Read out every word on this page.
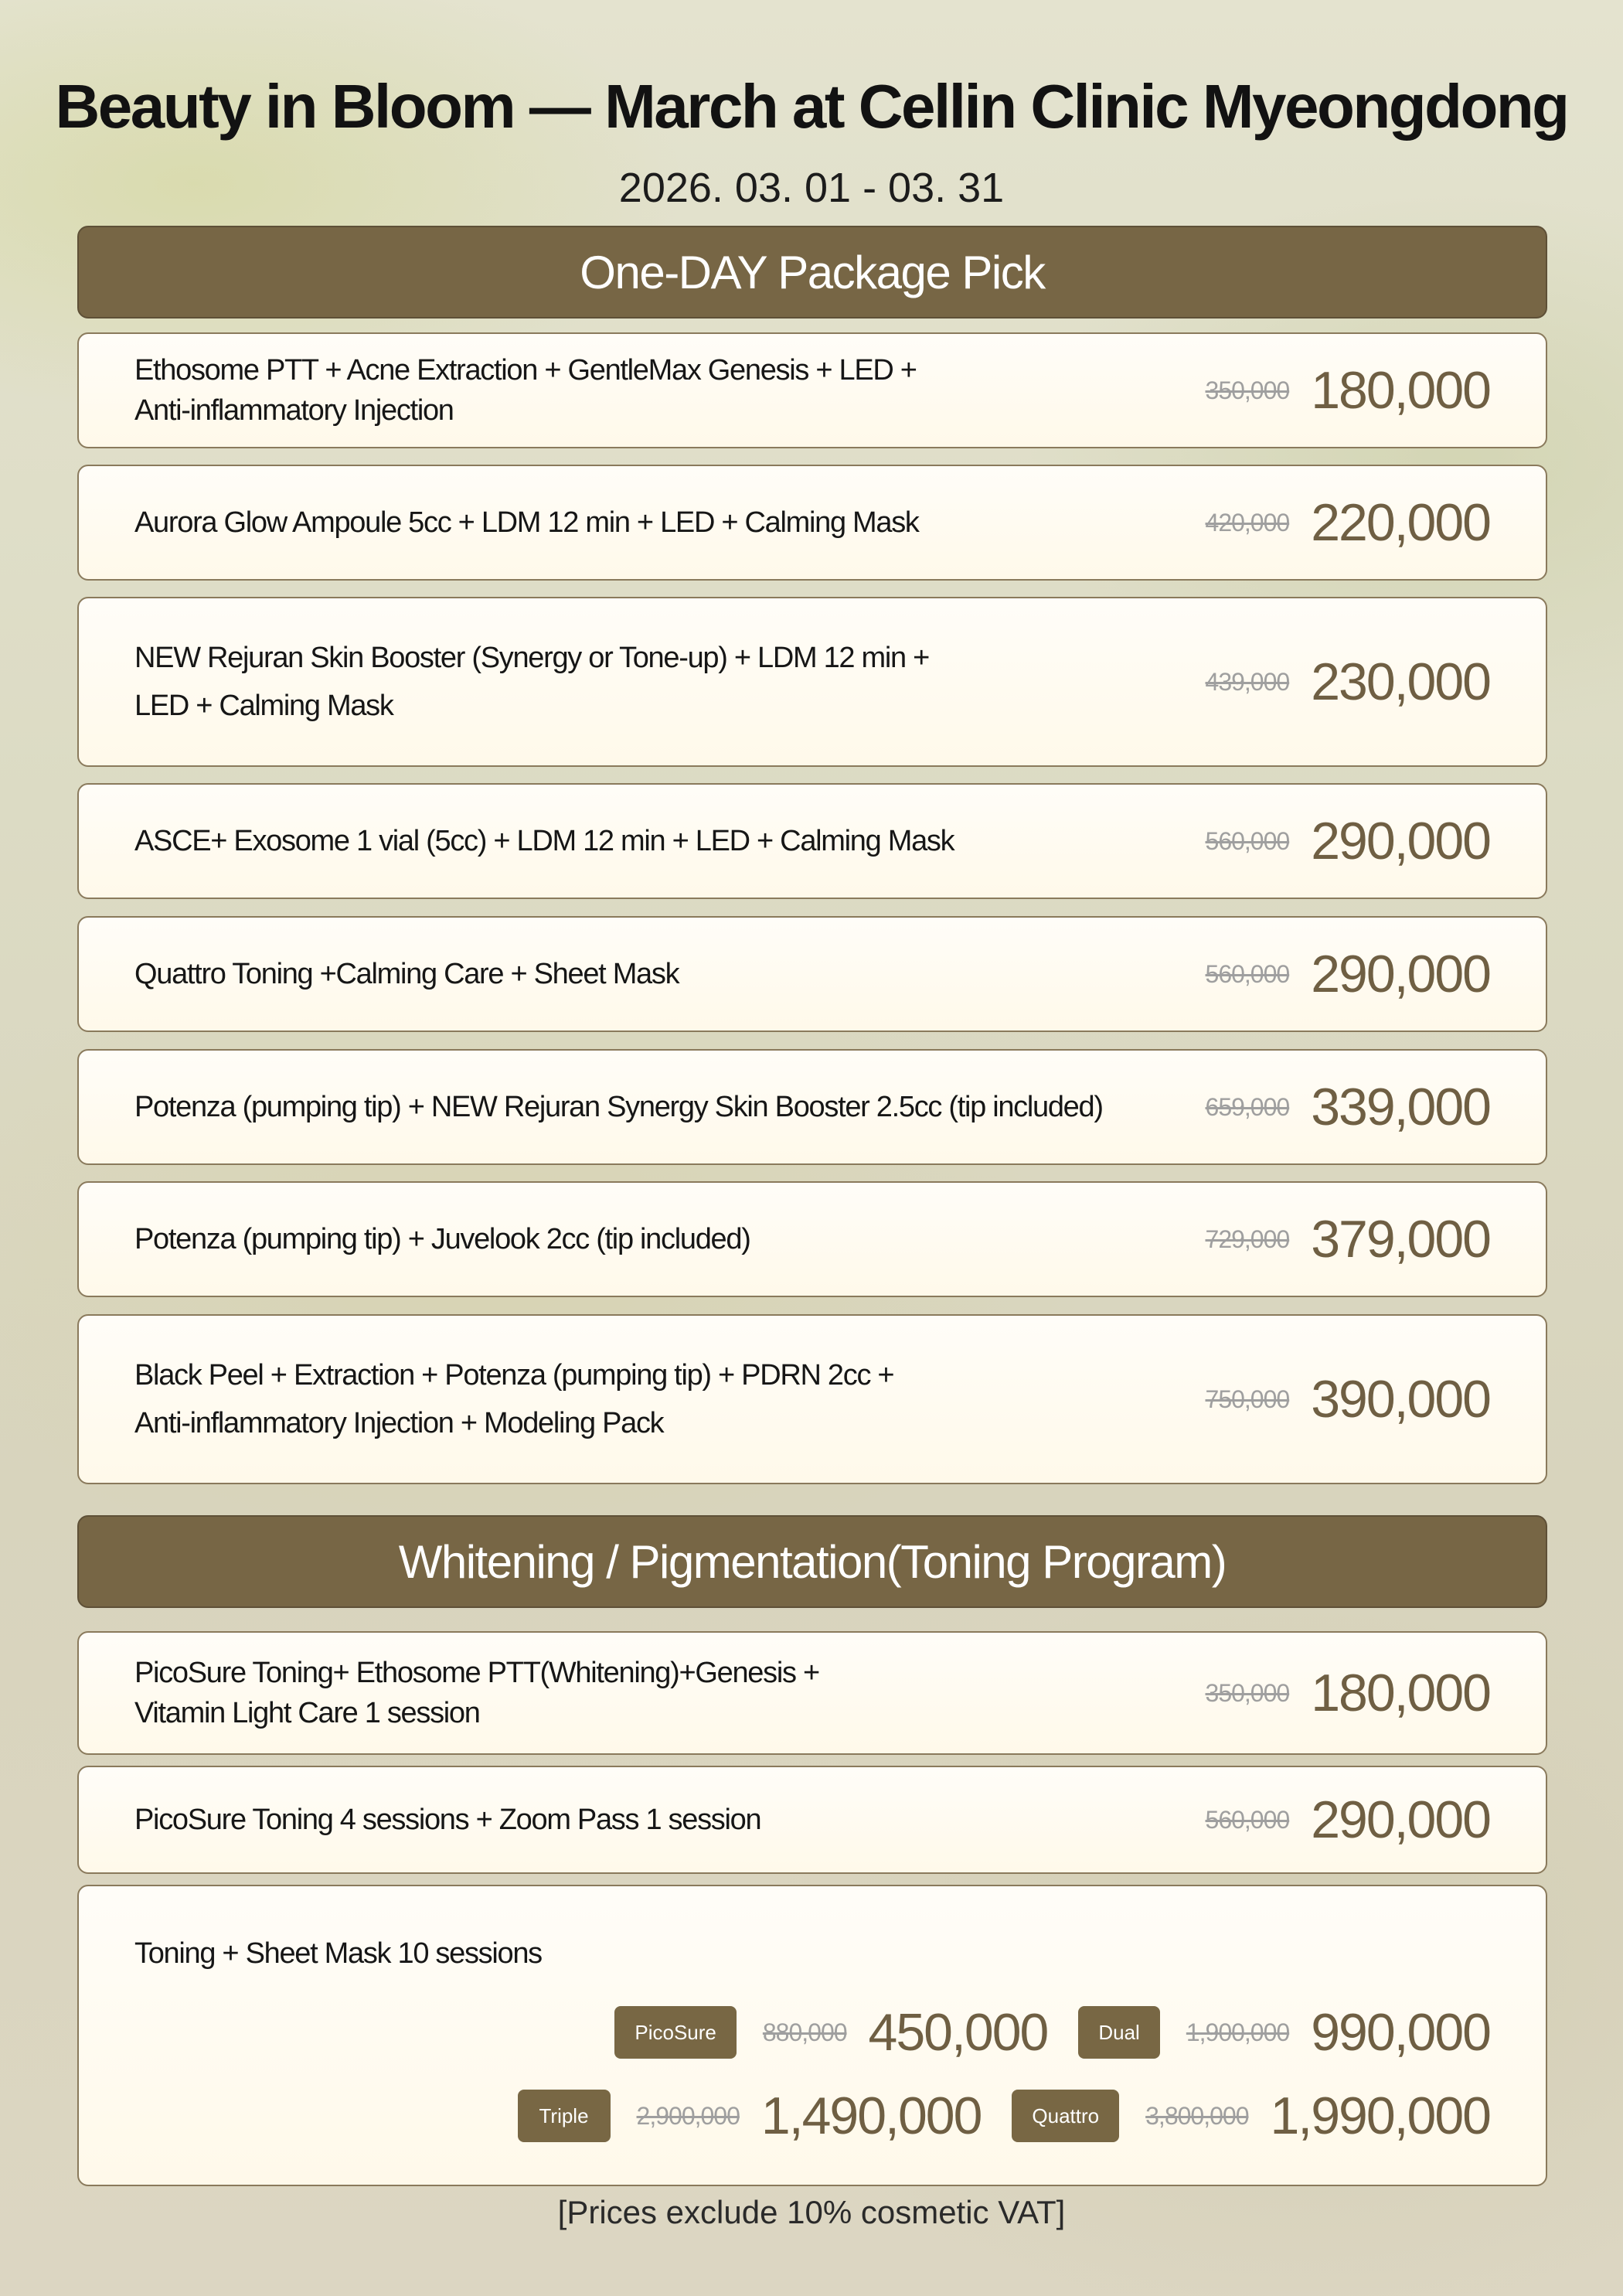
Beauty in Bloom — March at Cellin Clinic Myeongdong
2026. 03. 01 - 03. 31
One-DAY Package Pick
Ethosome PTT + Acne Extraction + GentleMax Genesis + LED +
Anti-inflammatory Injection
350,000 180,000
Aurora Glow Ampoule 5cc + LDM 12 min + LED + Calming Mask	420,000 220,000
NEW Rejuran Skin Booster (Synergy or Tone-up) + LDM 12 min +
LED + Calming Mask
439,000 230,000
ASCE+ Exosome 1 vial (5cc) + LDM 12 min + LED + Calming Mask	560,000 290,000
Quattro Toning +Calming Care + Sheet Mask	560,000 290,000
Potenza (pumping tip) + NEW Rejuran Synergy Skin Booster 2.5cc (tip included)	659,000 339,000
Potenza (pumping tip) + Juvelook 2cc (tip included)	729,000 379,000
Black Peel + Extraction + Potenza (pumping tip) + PDRN 2cc +
Anti-inflammatory Injection + Modeling Pack
750,000 390,000
Whitening / Pigmentation(Toning Program)
PicoSure Toning+ Ethosome PTT(Whitening)+Genesis +
Vitamin Light Care 1 session
350,000 180,000
PicoSure Toning 4 sessions + Zoom Pass 1 session	560,000 290,000
Toning + Sheet Mask 10 sessions
PicoSure	880,000 450,000	Dual	1,900,000 990,000
Triple	2,900,000 1,490,000	Quattro	3,800,000 1,990,000
[Prices exclude 10% cosmetic VAT]
